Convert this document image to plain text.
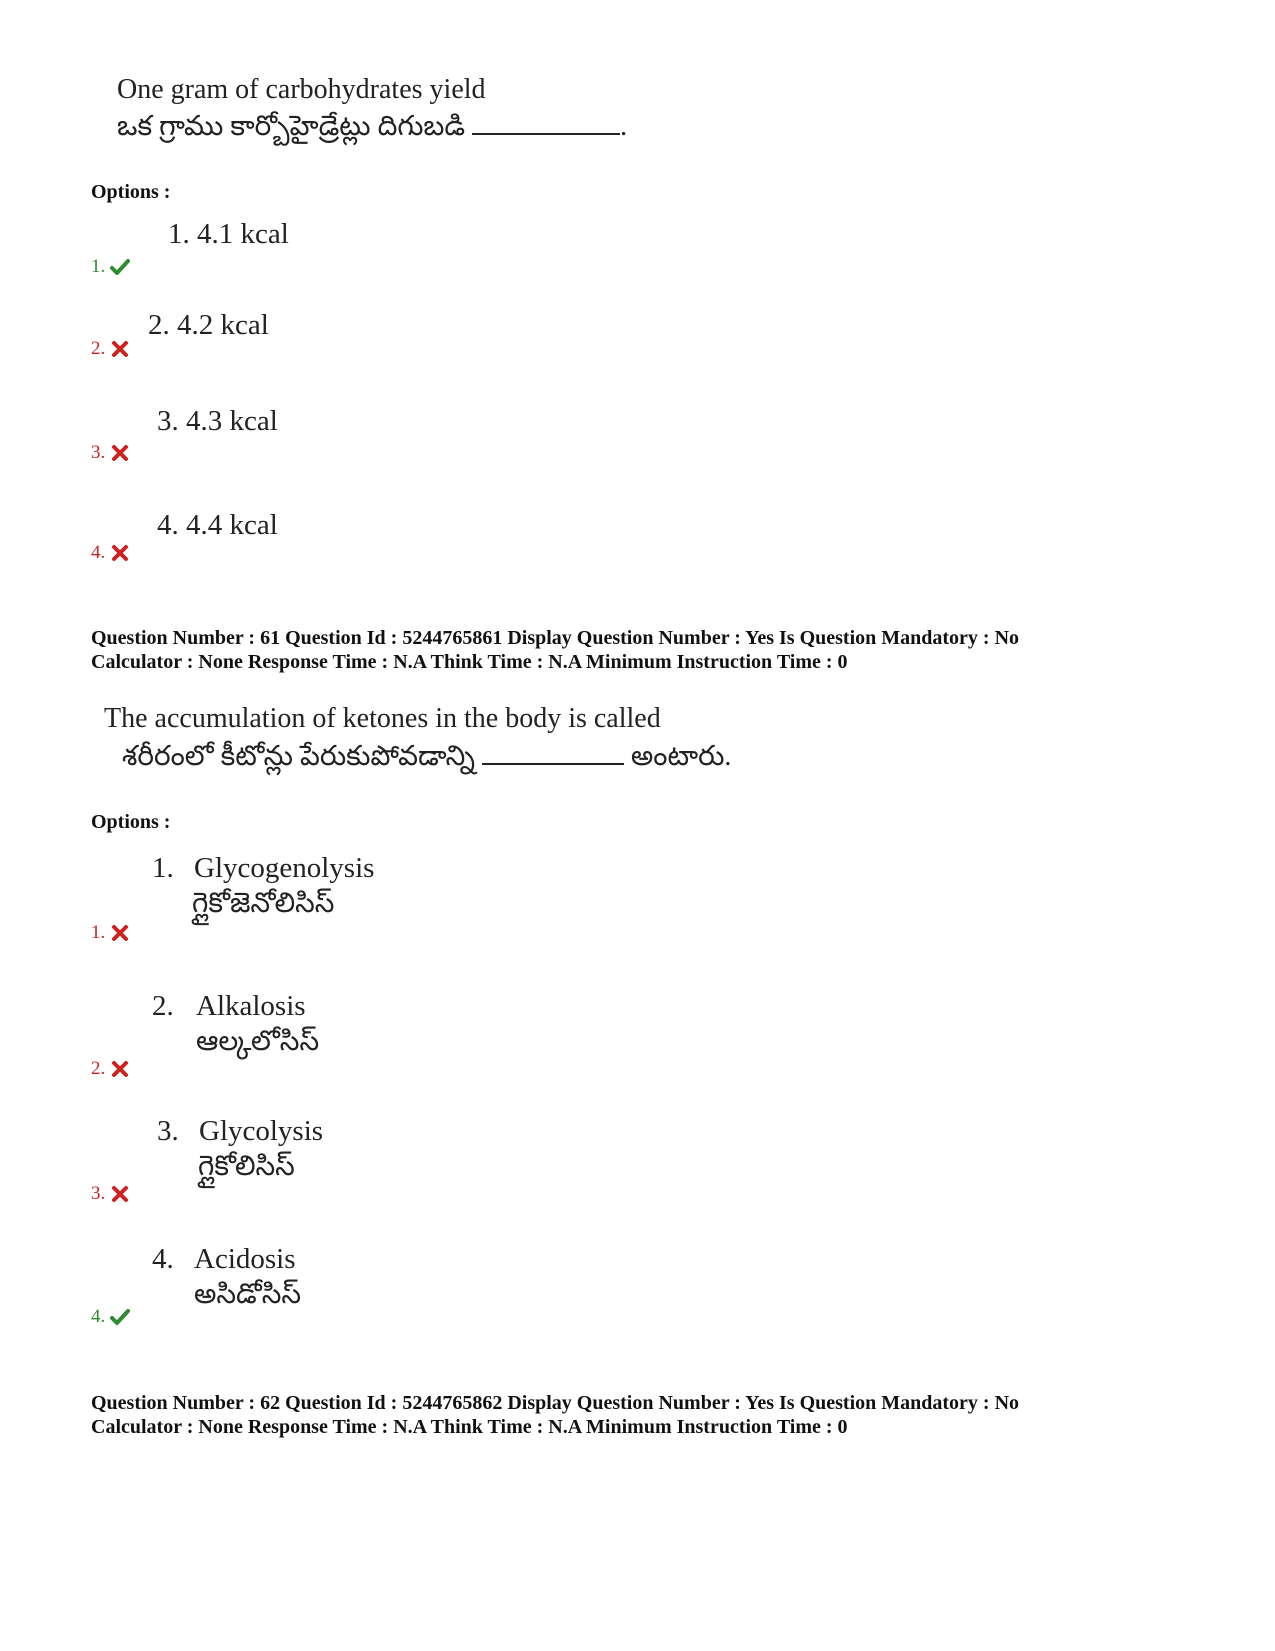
One gram of carbohydrates yield
ఒక గ్రాము కార్బోహైడ్రేట్లు దిగుబడి	.
Options :
1. 4.1 kcal
1.
2. 4.2 kcal
2.
3. 4.3 kcal
3.
4. 4.4 kcal
4.
Question Number : 61 Question Id : 5244765861 Display Question Number : Yes Is Question Mandatory : No
Calculator : None Response Time : N.A Think Time : N.A Minimum Instruction Time : 0
The accumulation of ketones in the body is called
శరీరంలో కీటోన్లు పేరుకుపోవడాన్ని	అంటారు.
Options :
1. Glycogenolysis
గ్లైకోజెనోలిసిస్
1.
2. Alkalosis
ఆల్కలోసిస్
2.
3. Glycolysis
గ్లైకోలిసిస్
3.
4. Acidosis
అసిడోసిస్
4.
Question Number : 62 Question Id : 5244765862 Display Question Number : Yes Is Question Mandatory : No
Calculator : None Response Time : N.A Think Time : N.A Minimum Instruction Time : 0
